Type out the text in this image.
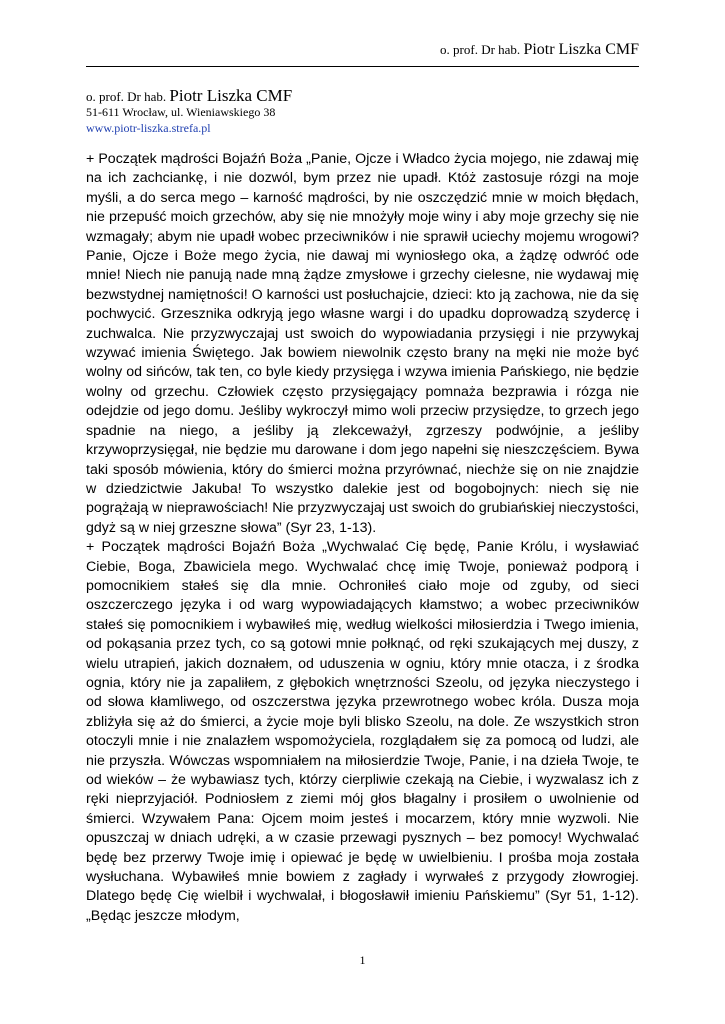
o. prof. Dr hab. Piotr Liszka CMF
o. prof. Dr hab. Piotr Liszka CMF
51-611 Wrocław, ul. Wieniawskiego 38
www.piotr-liszka.strefa.pl

+ Początek mądrości Bojaźń Boża „Panie, Ojcze i Władco życia mojego, nie zdawaj mię na ich zachciankę, i nie dozwól, bym przez nie upadł. Któż zastosuje rózgi na moje myśli, a do serca mego – karność mądrości, by nie oszczędzić mnie w moich błędach, nie przepuść moich grzechów, aby się nie mnożyły moje winy i aby moje grzechy się nie wzmagały; abym nie upadł wobec przeciwników i nie sprawił uciechy mojemu wrogowi? Panie, Ojcze i Boże mego życia, nie dawaj mi wyniosłego oka, a żądzę odwróć ode mnie! Niech nie panują nade mną żądze zmysłowe i grzechy cielesne, nie wydawaj mię bezwstydnej namiętności! O karności ust posłuchajcie, dzieci: kto ją zachowa, nie da się pochwycić. Grzesznika odkryją jego własne wargi i do upadku doprowadzą szydercę i zuchwalca. Nie przyzwyczajaj ust swoich do wypowiadania przysięgi i nie przywykaj wzywać imienia Świętego. Jak bowiem niewolnik często brany na męki nie może być wolny od sińców, tak ten, co byle kiedy przysięga i wzywa imienia Pańskiego, nie będzie wolny od grzechu. Człowiek często przysięgający pomnaża bezprawia i rózga nie odejdzie od jego domu. Jeśliby wykroczył mimo woli przeciw przysiędze, to grzech jego spadnie na niego, a jeśliby ją zlekceważył, zgrzeszy podwójnie, a jeśliby krzywoprzysięgał, nie będzie mu darowane i dom jego napełni się nieszczęściem. Bywa taki sposób mówienia, który do śmierci można przyrównać, niechże się on nie znajdzie w dziedzictwie Jakuba! To wszystko dalekie jest od bogobojnych: niech się nie pogrążają w nieprawościach! Nie przyzwyczajaj ust swoich do grubiańskiej nieczystości, gdyż są w niej grzeszne słowa” (Syr 23, 1-13).

+ Początek mądrości Bojaźń Boża „Wychwalać Cię będę, Panie Królu, i wysławiać Ciebie, Boga, Zbawiciela mego. Wychwalać chcę imię Twoje, ponieważ podporą i pomocnikiem stałeś się dla mnie. Ochroniłeś ciało moje od zguby, od sieci oszczerczego języka i od warg wypowiadających kłamstwo; a wobec przeciwników stałeś się pomocnikiem i wybawiłeś mię, według wielkości miłosierdzia i Twego imienia, od pokąsania przez tych, co są gotowi mnie połknąć, od ręki szukających mej duszy, z wielu utrapień, jakich doznałem, od uduszenia w ogniu, który mnie otacza, i z środka ognia, który nie ja zapaliłem, z głębokich wnętrzności Szeolu, od języka nieczystego i od słowa kłamliwego, od oszczerstwa języka przewrotnego wobec króla. Dusza moja zbliżyła się aż do śmierci, a życie moje byli blisko Szeolu, na dole. Ze wszystkich stron otoczyli mnie i nie znalazłem wspomożyciela, rozglądałem się za pomocą od ludzi, ale nie przyszła. Wówczas wspomniałem na miłosierdzie Twoje, Panie, i na dzieła Twoje, te od wieków – że wybawiasz tych, którzy cierpliwie czekają na Ciebie, i wyzwalasz ich z ręki nieprzyjaciół. Podniosłem z ziemi mój głos błagalny i prosiłem o uwolnienie od śmierci. Wzywałem Pana: Ojcem moim jesteś i mocarzem, który mnie wyzwoli. Nie opuszczaj w dniach udręki, a w czasie przewagi pysznych – bez pomocy! Wychwalać będę bez przerwy Twoje imię i opiewać je będę w uwielbieniu. I prośba moja została wysłuchana. Wybawiłeś mnie bowiem z zagłady i wyrwałeś z przygody złowrogiej. Dlatego będę Cię wielbił i wychwalał, i błogosławił imieniu Pańskiemu” (Syr 51, 1-12). „Będąc jeszcze młodym,

1
